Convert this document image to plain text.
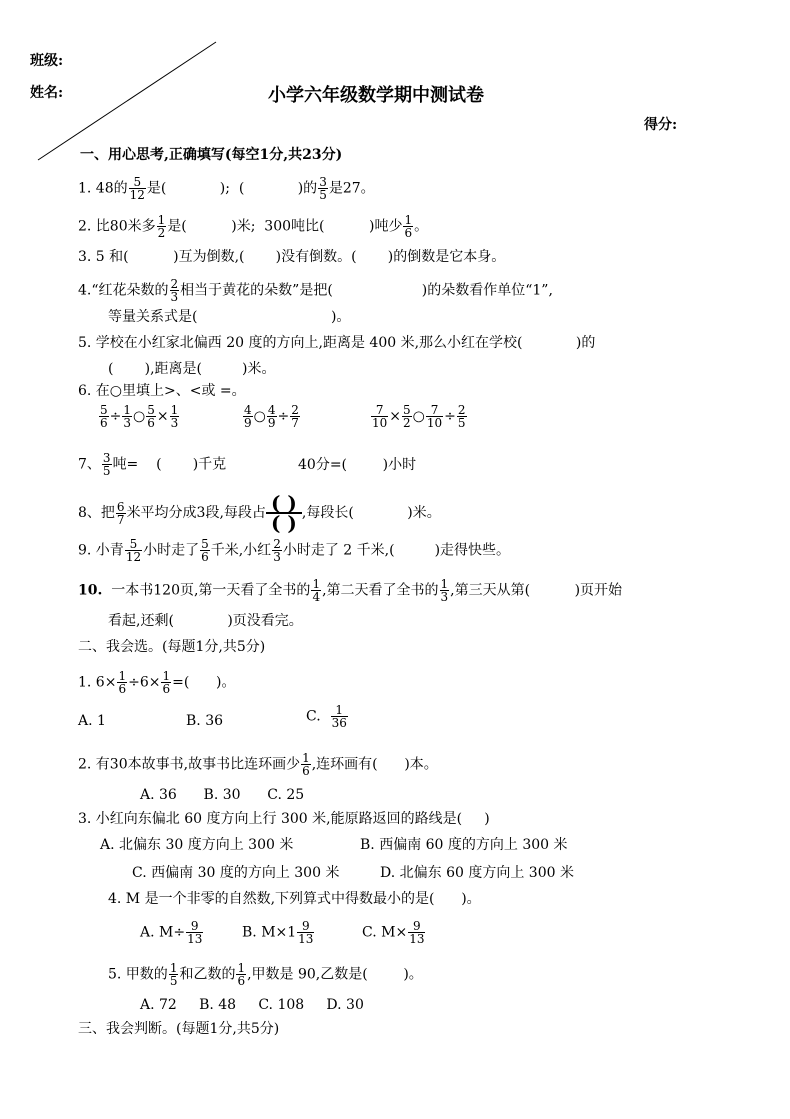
班级:
姓名:	小学六年级数学期中测试卷
得分:
一、用心思考,正确填写(每空1分,共23分)
1. 48的 $\frac{5}{12}$ 是(            );  (            )的 $\frac{3}{5}$ 是27。
2. 比80米多 $\frac{1}{2}$ 是(          )米;  300吨比(          )吨少 $\frac{1}{6}$ 。
3. 5 和(          )互为倒数,(       )没有倒数。(       )的倒数是它本身。
4.“红花朵数的 $\frac{2}{3}$ 相当于黄花的朵数”是把(                    )的朵数看作单位“1”,
等量关系式是(                              )。
5. 学校在小红家北偏西 20 度的方向上,距离是 400 米,那么小红在学校(            )的
(       ),距离是(         )米。
6. 在○里填上>、<或 =。
$\frac{5}{6} \div \frac{1}{3}$ ○ $\frac{5}{6} \times \frac{1}{3}$	$\frac{4}{9}$ ○ $\frac{4}{9} \div \frac{2}{7}$	$\frac{7}{10} \times \frac{5}{2}$ ○ $\frac{7}{10} \div \frac{2}{5}$
7、 $\frac{3}{5}$ 吨=    (       )千克	40分=(        )小时
8、把 $\frac{6}{7}$ 米平均分成3段,每段占 ( )
( ) ,每段长(            )米。
9. 小青 $\frac{5}{12}$ 小时走了 $\frac{5}{6}$ 千米,小红 $\frac{2}{3}$ 小时走了 2 千米,(         )走得快些。
10. 一本书120页,第一天看了全书的 $\frac{1}{4}$ ,第二天看了全书的 $\frac{1}{3}$ ,第三天从第(          )页开始
看起,还剩(            )页没看完。
二、我会选。(每题1分,共5分)
1. $6\times \frac{1}{6} \div 6\times \frac{1}{6}$ =(      )。
A. 1	B. 36	C. $\frac{1}{36}$
2. 有30本故事书,故事书比连环画少 $\frac{1}{6}$ ,连环画有(      )本。
A. 36      B. 30      C. 25
3. 小红向东偏北 60 度方向上行 300 米,能原路返回的路线是(     )
A. 北偏东 30 度方向上 300 米	B. 西偏南 60 度的方向上 300 米
C. 西偏南 30 度的方向上 300 米	D. 北偏东 60 度方向上 300 米
4. M 是一个非零的自然数,下列算式中得数最小的是(      )。
A. $M\div \frac{9}{13}$	B. $M\times 1 \frac{9}{13}$	C. $M\times \frac{9}{13}$
5. 甲数的 $\frac{1}{5}$ 和乙数的 $\frac{1}{6}$ ,甲数是 90,乙数是(        )。
A. 72     B. 48     C. 108     D. 30
三、我会判断。(每题1分,共5分)
